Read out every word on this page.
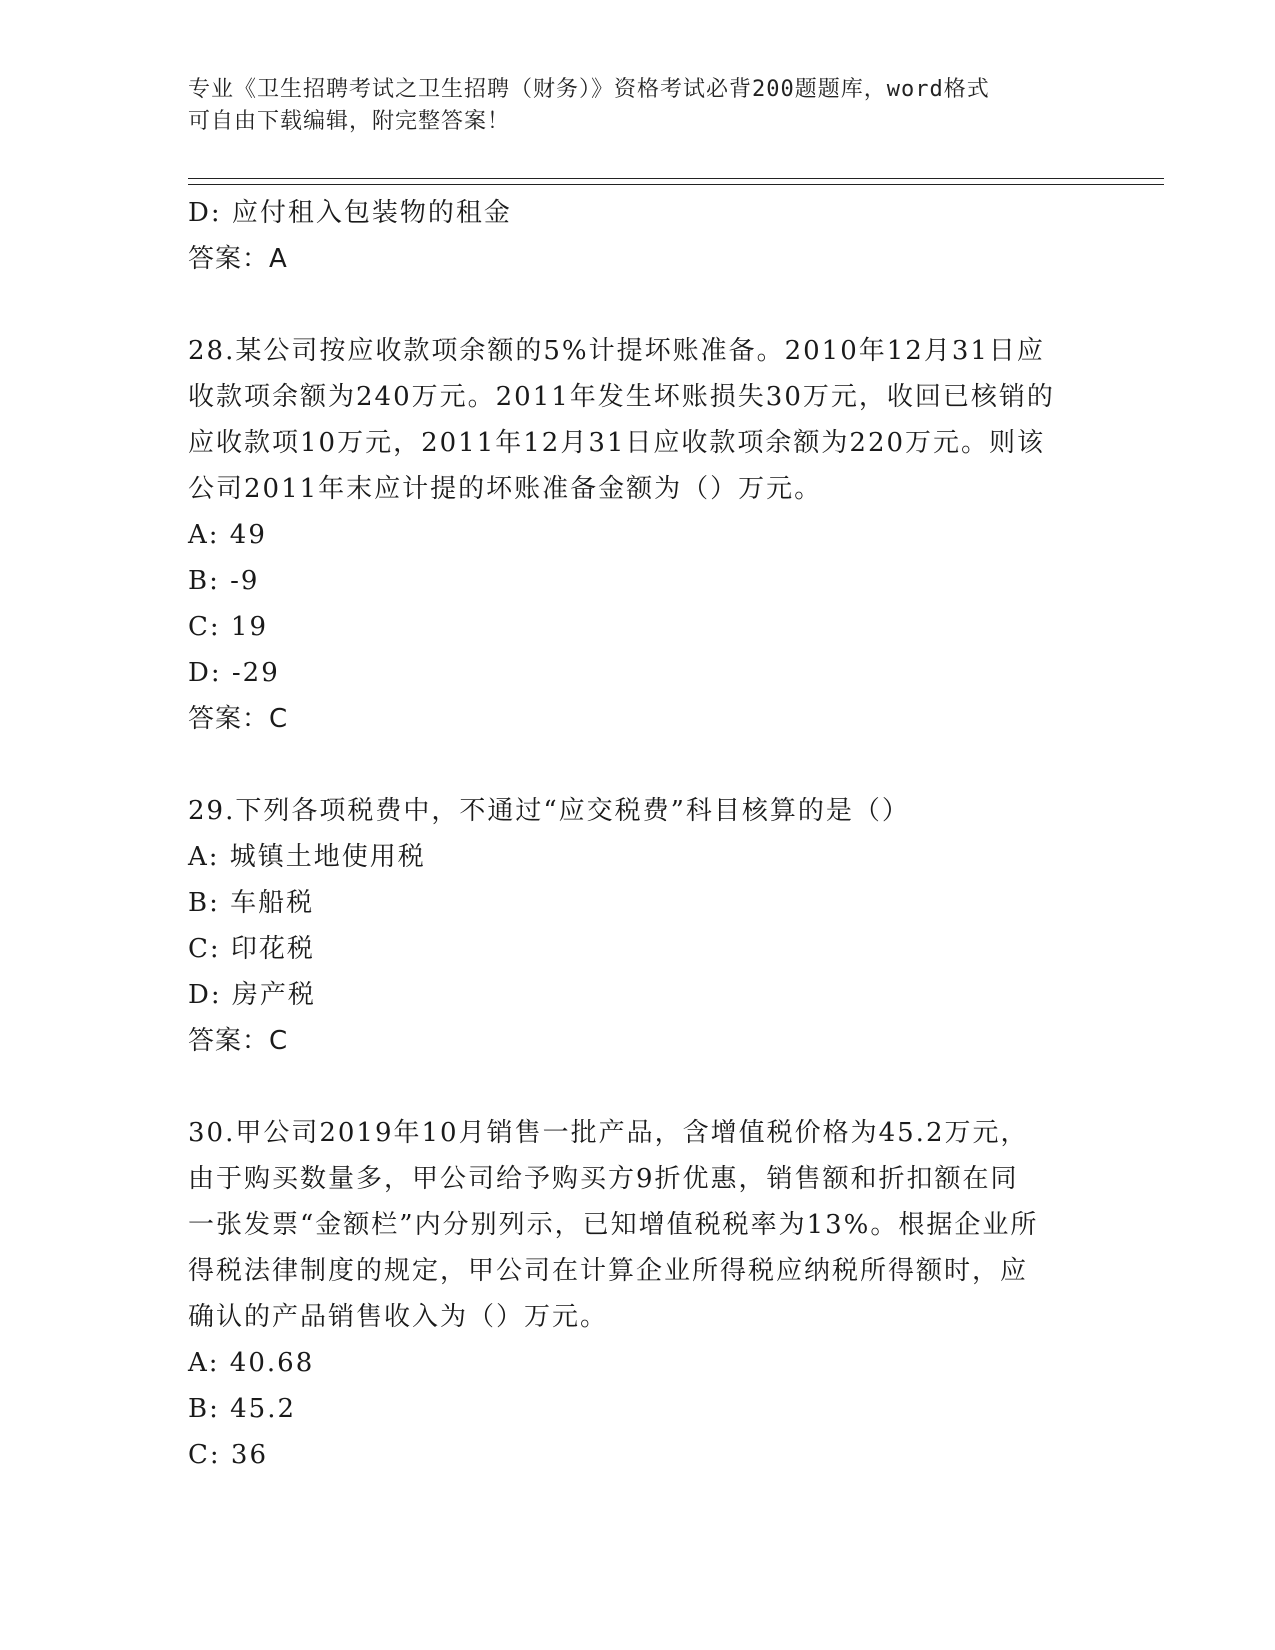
专业《卫生招聘考试之卫生招聘（财务）》资格考试必背200题题库，word格式
可自由下载编辑，附完整答案！
D: 应付租入包装物的租金
答案：A
28.某公司按应收款项余额的5%计提坏账准备。2010年12月31日应
收款项余额为240万元。2011年发生坏账损失30万元，收回已核销的
应收款项10万元，2011年12月31日应收款项余额为220万元。则该
公司2011年末应计提的坏账准备金额为（）万元。
A: 49
B: -9
C: 19
D: -29
答案：C
29.下列各项税费中，不通过“应交税费”科目核算的是（）
A: 城镇土地使用税
B: 车船税
C: 印花税
D: 房产税
答案：C
30.甲公司2019年10月销售一批产品，含增值税价格为45.2万元，
由于购买数量多，甲公司给予购买方9折优惠，销售额和折扣额在同
一张发票“金额栏”内分别列示，已知增值税税率为13%。根据企业所
得税法律制度的规定，甲公司在计算企业所得税应纳税所得额时，应
确认的产品销售收入为（）万元。
A: 40.68
B: 45.2
C: 36
